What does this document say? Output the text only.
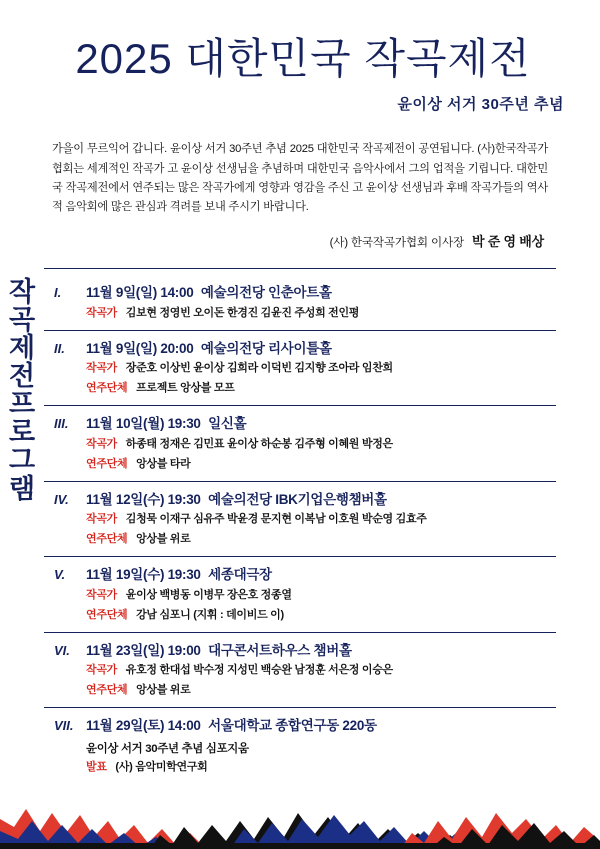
2025 대한민국 작곡제전
윤이상 서거 30주년 추념
가을이 무르익어 갑니다. 윤이상 서거 30주년 추념 2025 대한민국 작곡제전이 공연됩니다. (사)한국작곡가 협회는 세계적인 작곡가 고 윤이상 선생님을 추념하며 대한민국 음악사에서 그의 업적을 기립니다. 대한민국 작곡제전에서 연주되는 많은 작곡가에게 영향과 영감을 주신 고 윤이상 선생님과 후배 작곡가들의 역사적 음악회에 많은 관심과 격려를 보내 주시기 바랍니다.
(사) 한국작곡가협회 이사장 박 준 영 배상
작
곡
제
전
프
로
그
램
I.	11월 9일(일) 14:00 예술의전당 인춘아트홀
작곡가 김보현 정영빈 오이돈 한경진 김윤진 주성희 전인평
II.	11월 9일(일) 20:00 예술의전당 리사이틀홀
작곡가 장준호 이상빈 윤이상 김희라 이덕빈 김지향 조아라 임찬희
연주단체 프로젝트 앙상블 모프
III.	11월 10일(월) 19:30 일신홀
작곡가 하종태 정재은 김민표 윤이상 하순봉 김주형 이혜원 박정은
연주단체 앙상블 타라
IV.	11월 12일(수) 19:30 예술의전당 IBK기업은행챔버홀
작곡가 김청묵 이재구 심유주 박윤경 문지현 이복남 이호원 박순영 김효주
연주단체 앙상블 위로
V.	11월 19일(수) 19:30 세종대극장
작곡가 윤이상 백병동 이병무 장은호 정종열
연주단체 강남 심포니 (지휘 : 데이비드 이)
VI.	11월 23일(일) 19:00 대구콘서트하우스 챔버홀
작곡가 유호정 한대섭 박수정 지성민 백승완 남정훈 서은정 이승은
연주단체 앙상블 위로
VII. 11월 29일(토) 14:00 서울대학교 종합연구동 220동
윤이상 서거 30주년 추념 심포지움
발표 (사) 음악미학연구회
